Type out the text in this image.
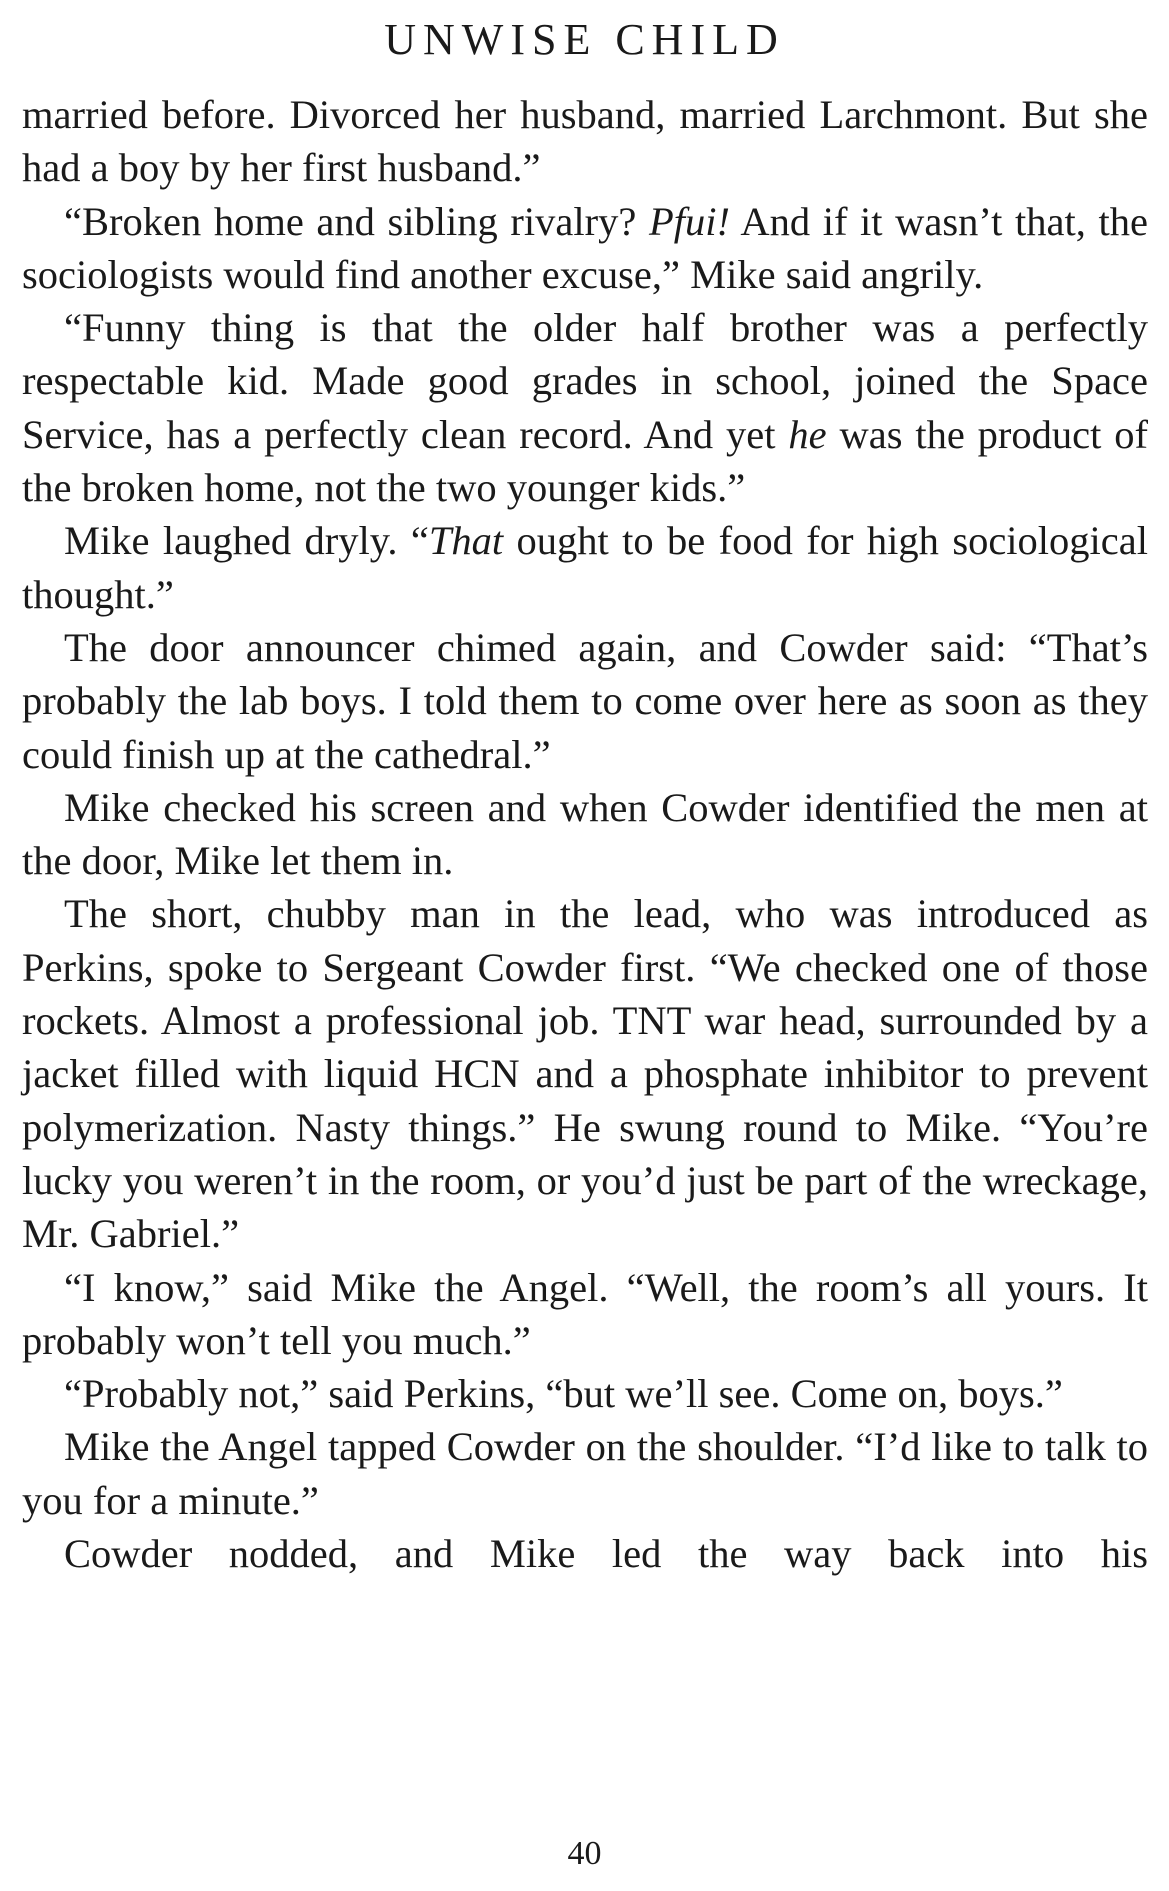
UNWISE CHILD

married before. Divorced her husband, married Larchmont. But she had a boy by her first husband.”

“Broken home and sibling rivalry? Pfui! And if it wasn’t that, the sociologists would find another excuse,” Mike said angrily.

“Funny thing is that the older half brother was a perfectly respectable kid. Made good grades in school, joined the Space Service, has a perfectly clean record. And yet he was the product of the broken home, not the two younger kids.”

Mike laughed dryly. “That ought to be food for high sociological thought.”

The door announcer chimed again, and Cowder said: “That’s probably the lab boys. I told them to come over here as soon as they could finish up at the cathedral.”

Mike checked his screen and when Cowder identified the men at the door, Mike let them in.

The short, chubby man in the lead, who was introduced as Perkins, spoke to Sergeant Cowder first. “We checked one of those rockets. Almost a professional job. TNT war head, surrounded by a jacket filled with liquid HCN and a phosphate inhibitor to prevent polymerization. Nasty things.” He swung round to Mike. “You’re lucky you weren’t in the room, or you’d just be part of the wreckage, Mr. Gabriel.”

“I know,” said Mike the Angel. “Well, the room’s all yours. It probably won’t tell you much.”

“Probably not,” said Perkins, “but we’ll see. Come on, boys.”

Mike the Angel tapped Cowder on the shoulder. “I’d like to talk to you for a minute.”

Cowder nodded, and Mike led the way back into his

40
